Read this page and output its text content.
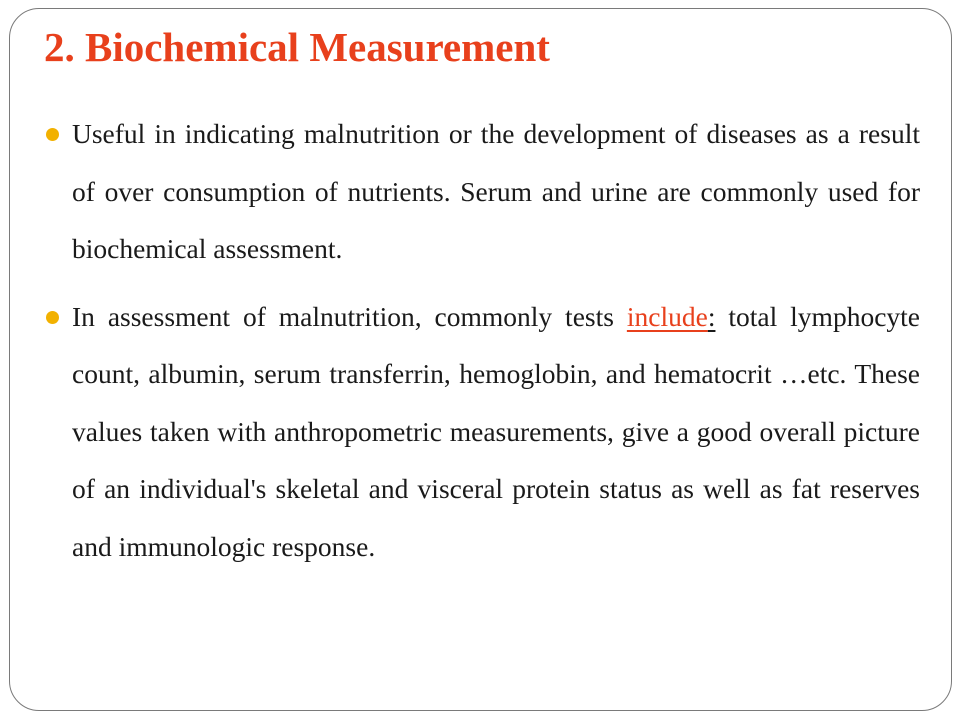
2. Biochemical Measurement
Useful in indicating malnutrition or the development of diseases as a result of over consumption of nutrients. Serum and urine are commonly used for biochemical assessment.
In assessment of malnutrition, commonly tests include: total lymphocyte count, albumin, serum transferrin, hemoglobin, and hematocrit …etc. These values taken with anthropometric measurements, give a good overall picture of an individual's skeletal and visceral protein status as well as fat reserves and immunologic response.
